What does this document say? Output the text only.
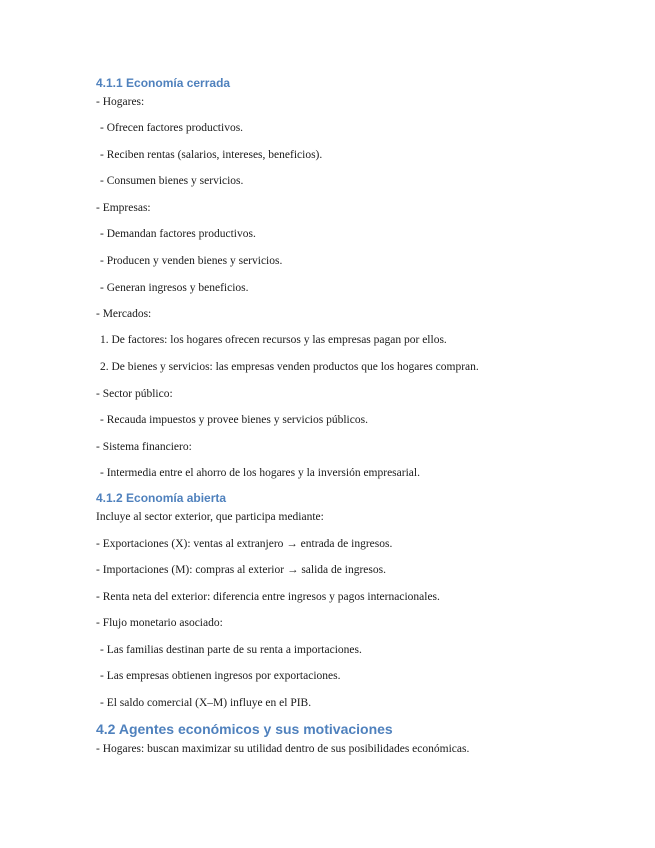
4.1.1 Economía cerrada
- Hogares:
- Ofrecen factores productivos.
- Reciben rentas (salarios, intereses, beneficios).
- Consumen bienes y servicios.
- Empresas:
- Demandan factores productivos.
- Producen y venden bienes y servicios.
- Generan ingresos y beneficios.
- Mercados:
1. De factores: los hogares ofrecen recursos y las empresas pagan por ellos.
2. De bienes y servicios: las empresas venden productos que los hogares compran.
- Sector público:
- Recauda impuestos y provee bienes y servicios públicos.
- Sistema financiero:
- Intermedia entre el ahorro de los hogares y la inversión empresarial.
4.1.2 Economía abierta
Incluye al sector exterior, que participa mediante:
- Exportaciones (X): ventas al extranjero → entrada de ingresos.
- Importaciones (M): compras al exterior → salida de ingresos.
- Renta neta del exterior: diferencia entre ingresos y pagos internacionales.
- Flujo monetario asociado:
- Las familias destinan parte de su renta a importaciones.
- Las empresas obtienen ingresos por exportaciones.
- El saldo comercial (X–M) influye en el PIB.
4.2 Agentes económicos y sus motivaciones
- Hogares: buscan maximizar su utilidad dentro de sus posibilidades económicas.
